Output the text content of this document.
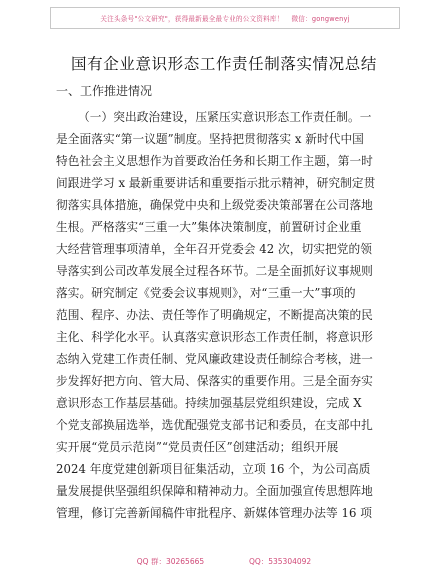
关注头条号"公文研究"，获得最新最全最专业的公文资料库！ 微信：gongwenyj
国有企业意识形态工作责任制落实情况总结
一、工作推进情况
（一）突出政治建设，压紧压实意识形态工作责任制。一
是全面落实“第一议题”制度。坚持把贯彻落实 x 新时代中国
特色社会主义思想作为首要政治任务和长期工作主题，第一时
间跟进学习 x 最新重要讲话和重要指示批示精神，研究制定贯
彻落实具体措施，确保党中央和上级党委决策部署在公司落地
生根。严格落实“三重一大”集体决策制度，前置研讨企业重
大经营管理事项清单，全年召开党委会 42 次，切实把党的领
导落实到公司改革发展全过程各环节。二是全面抓好议事规则
落实。研究制定《党委会议事规则》，对“三重一大”事项的
范围、程序、办法、责任等作了明确规定，不断提高决策的民
主化、科学化水平。认真落实意识形态工作责任制，将意识形
态纳入党建工作责任制、党风廉政建设责任制综合考核，进一
步发挥好把方向、管大局、保落实的重要作用。三是全面夯实
意识形态工作基层基础。持续加强基层党组织建设，完成 X
个党支部换届选举，选优配强党支部书记和委员，在支部中扎
实开展“党员示范岗”“党员责任区”创建活动；组织开展
2024 年度党建创新项目征集活动，立项 16 个，为公司高质
量发展提供坚强组织保障和精神动力。全面加强宣传思想阵地
管理，修订完善新闻稿件审批程序、新媒体管理办法等 16 项
QQ 群：30265665	QQ：535304092
